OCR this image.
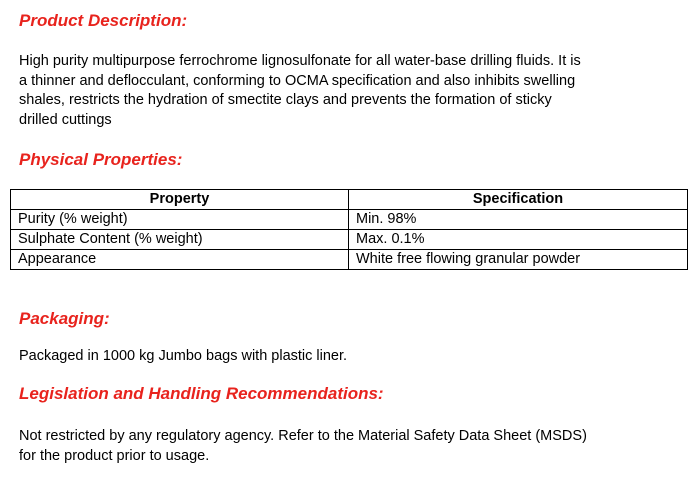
Product Description:
High purity multipurpose ferrochrome lignosulfonate for all water-base drilling fluids. It is
a thinner and deflocculant, conforming to OCMA specification and also inhibits swelling
shales, restricts the hydration of smectite clays and prevents the formation of sticky
drilled cuttings
Physical Properties:
Property	Specification
Purity (% weight)	Min. 98%
Sulphate Content (% weight)	Max. 0.1%
Appearance	White free flowing granular powder
Packaging:
Packaged in 1000 kg Jumbo bags with plastic liner.
Legislation and Handling Recommendations:
Not restricted by any regulatory agency. Refer to the Material Safety Data Sheet (MSDS)
for the product prior to usage.
